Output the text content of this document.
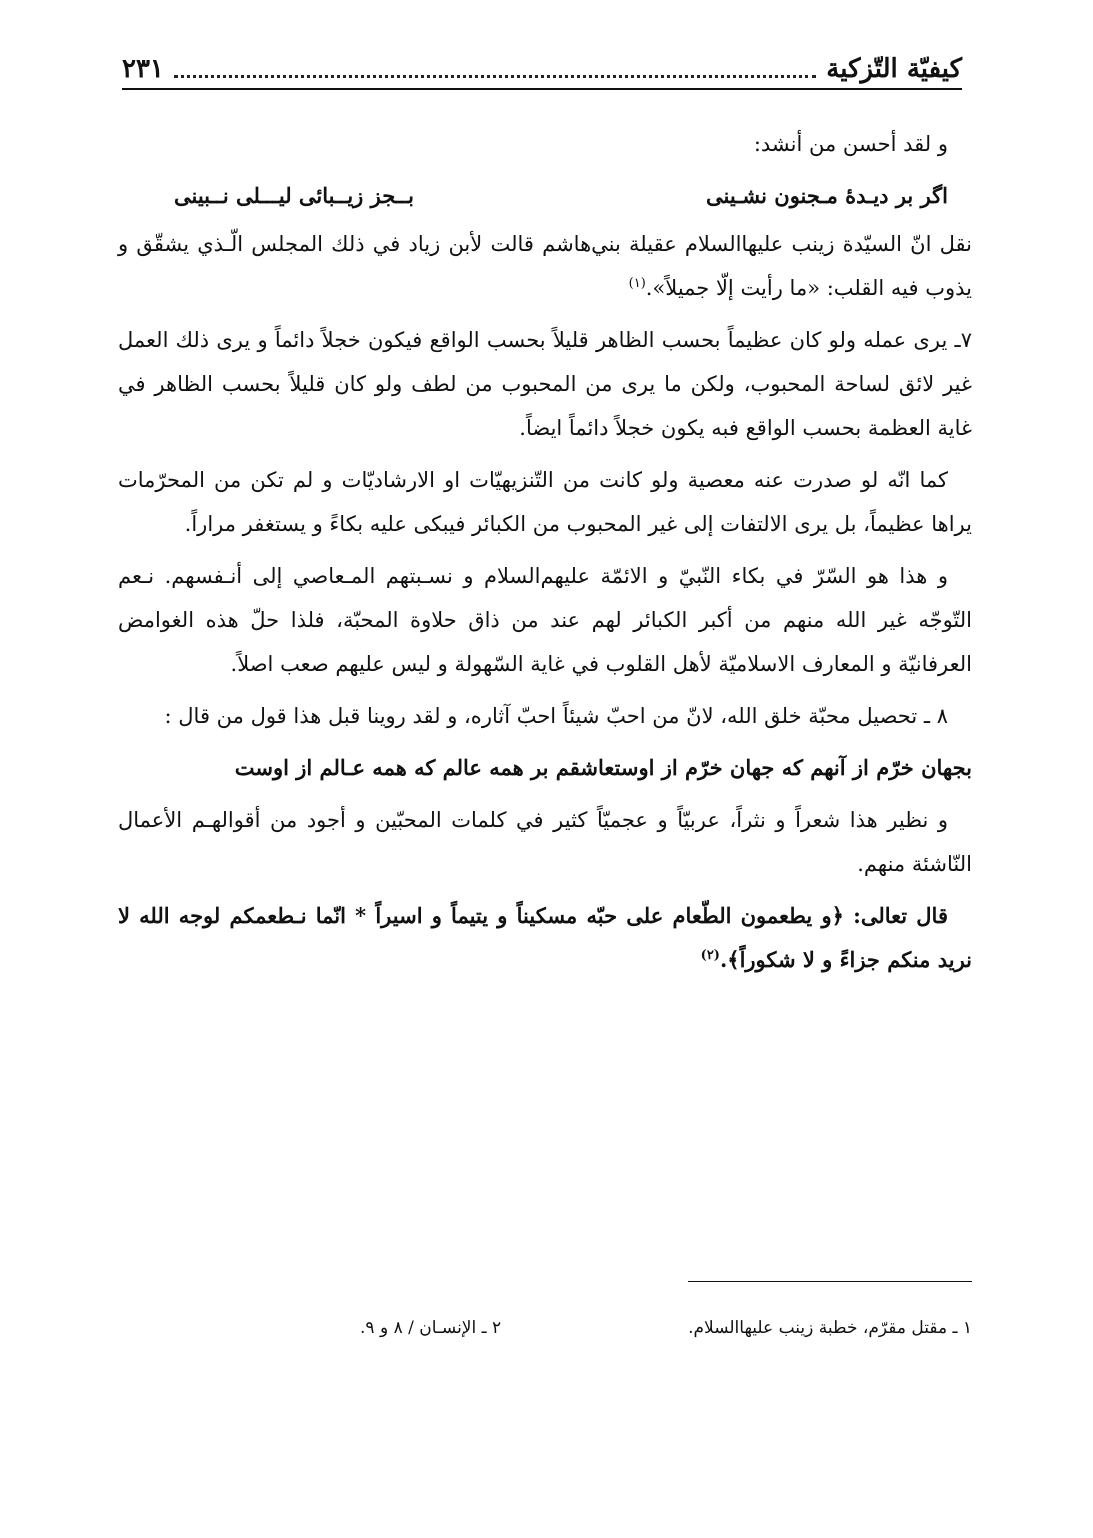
كيفيّة التّزكية
۲۳۱

و لقد أحسن من أنشد:

اگر بر ديـدهٔ مـجنون نشـينى
بــجز زيــبائى ليـــلى نــبينى

نقل انّ السيّدة زينب عليهاالسلام عقيلة بني‌هاشم قالت لأبن زياد في ذلك المجلس الّـذي يشقّق و يذوب فيه القلب: «ما رأيت إلّا جميلاً».$^{(١)}$

٧ـ يرى عمله ولو كان عظيماً بحسب الظاهر قليلاً بحسب الواقع فيكون خجلاً دائماً و يرى ذلك العمل غير لائق لساحة المحبوب، ولكن ما يرى من المحبوب من لطف ولو كان قليلاً بحسب الظاهر في غاية العظمة بحسب الواقع فبه يكون خجلاً دائماً ايضاً.

كما انّه لو صدرت عنه معصية ولو كانت من التّنزيهيّات او الارشاديّات و لم تكن من المحرّمات يراها عظيماً، بل يرى الالتفات إلى غير المحبوب من الكبائر فيبكى عليه بكاءً و يستغفر مراراً.

و هذا هو السّرّ في بكاء النّبيّ و الائمّة عليهم‌السلام و نسـبتهم المـعاصي إلى أنـفسهم. نـعم التّوجّه غير الله منهم من أكبر الكبائر لهم عند من ذاق حلاوة المحبّة، فلذا حلّ هذه الغوامض العرفانيّة و المعارف الاسلاميّة لأهل القلوب في غاية السّهولة و ليس عليهم صعب اصلاً.

٨ ـ تحصيل محبّة خلق الله، لانّ من احبّ شيئاً احبّ آثاره، و لقد روينا قبل هذا قول من قال :

بجهان خرّم از آنهم كه جهان خرّم از اوستعاشقم بر همه عالم كه همه عـالم از اوست

و نظير هذا شعراً و نثراً، عربيّاً و عجميّاً كثير في كلمات المحبّين و أجود من أقوالهـم الأعمال النّاشئة منهم.

قال تعالى: ﴿و يطعمون الطّعام على حبّه مسكيناً و يتيماً و اسيراً * انّما نـطعمكم لوجه الله لا نريد منكم جزاءً و لا شكوراً﴾.$^{(٢)}$

١ ـ مقتل مقرّم، خطبة زينب عليهاالسلام.
٢ ـ الإنسـان / ٨ و ٩.
